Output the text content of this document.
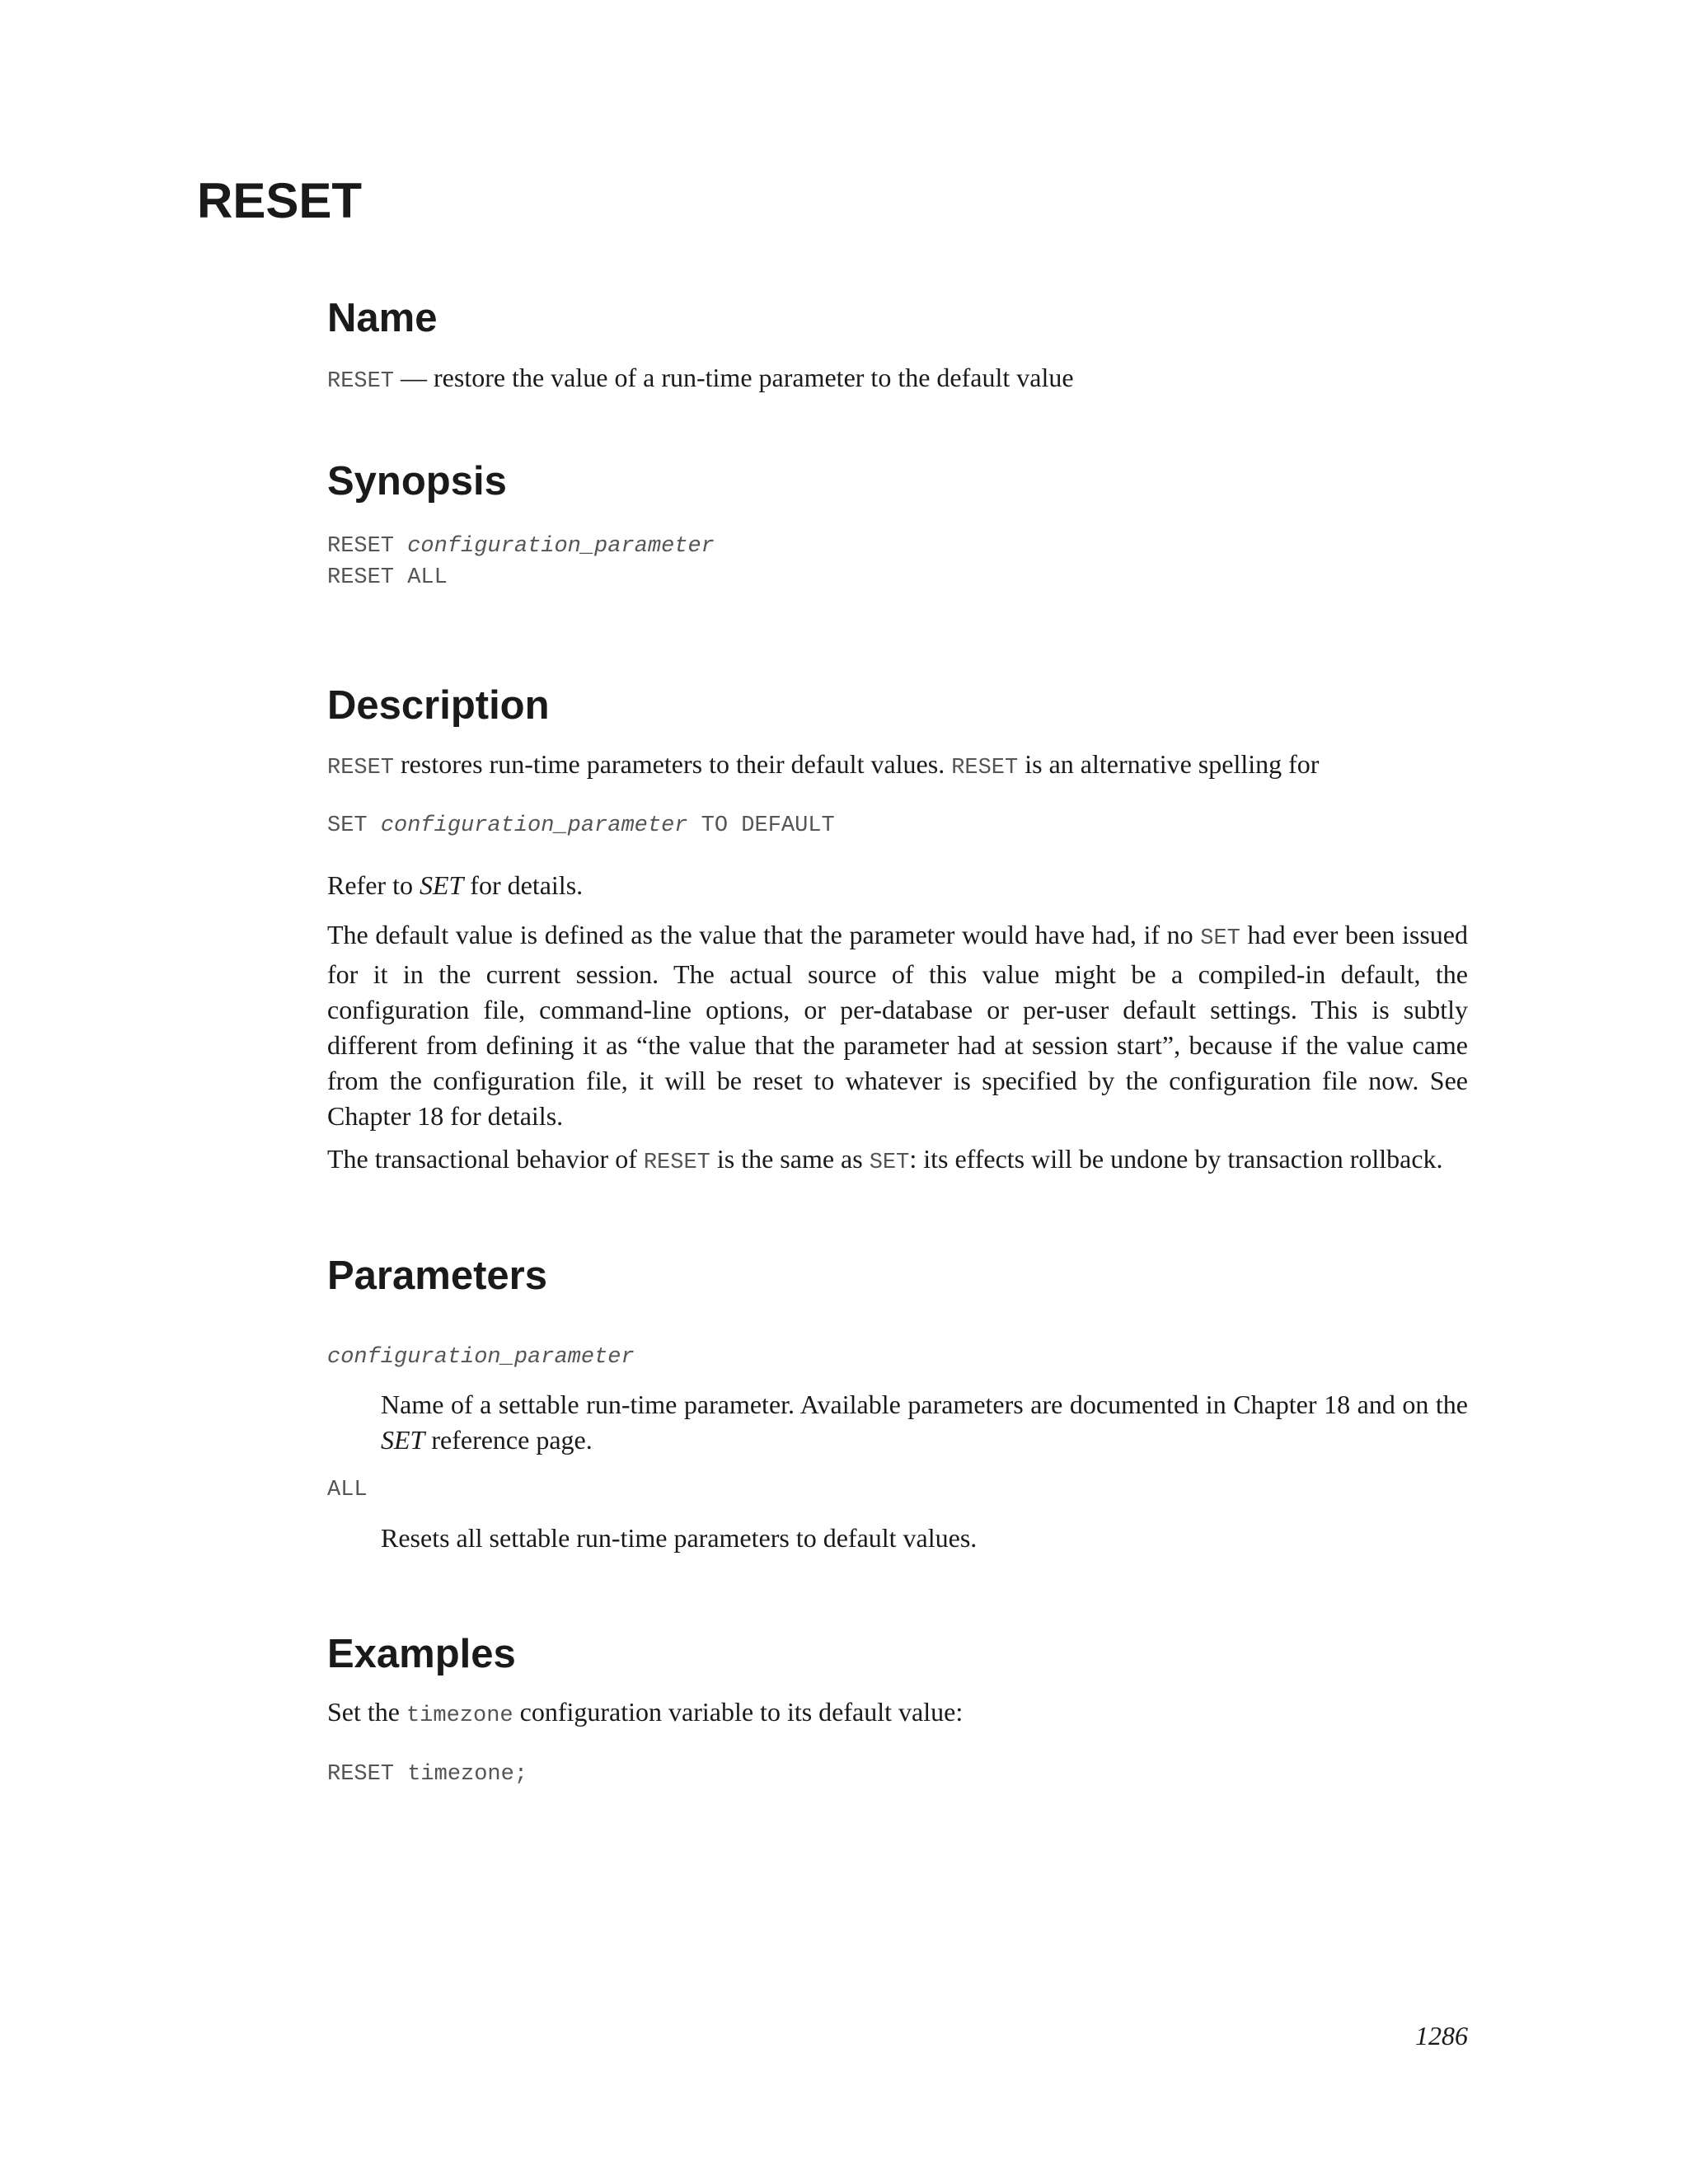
RESET
Name

RESET — restore the value of a run-time parameter to the default value

Synopsis
RESET configuration_parameter
RESET ALL
Description

RESET restores run-time parameters to their default values. RESET is an alternative spelling for

SET configuration_parameter TO DEFAULT

Refer to SET for details.

The default value is defined as the value that the parameter would have had, if no SET had ever been issued for it in the current session. The actual source of this value might be a compiled-in default, the configuration file, command-line options, or per-database or per-user default settings. This is subtly different from defining it as “the value that the parameter had at session start”, because if the value came from the configuration file, it will be reset to whatever is specified by the configuration file now. See Chapter 18 for details.

The transactional behavior of RESET is the same as SET: its effects will be undone by transaction rollback.

Parameters
configuration_parameter

Name of a settable run-time parameter. Available parameters are documented in Chapter 18 and on the SET reference page.

ALL

Resets all settable run-time parameters to default values.

Examples

Set the timezone configuration variable to its default value:

RESET timezone;
1286
